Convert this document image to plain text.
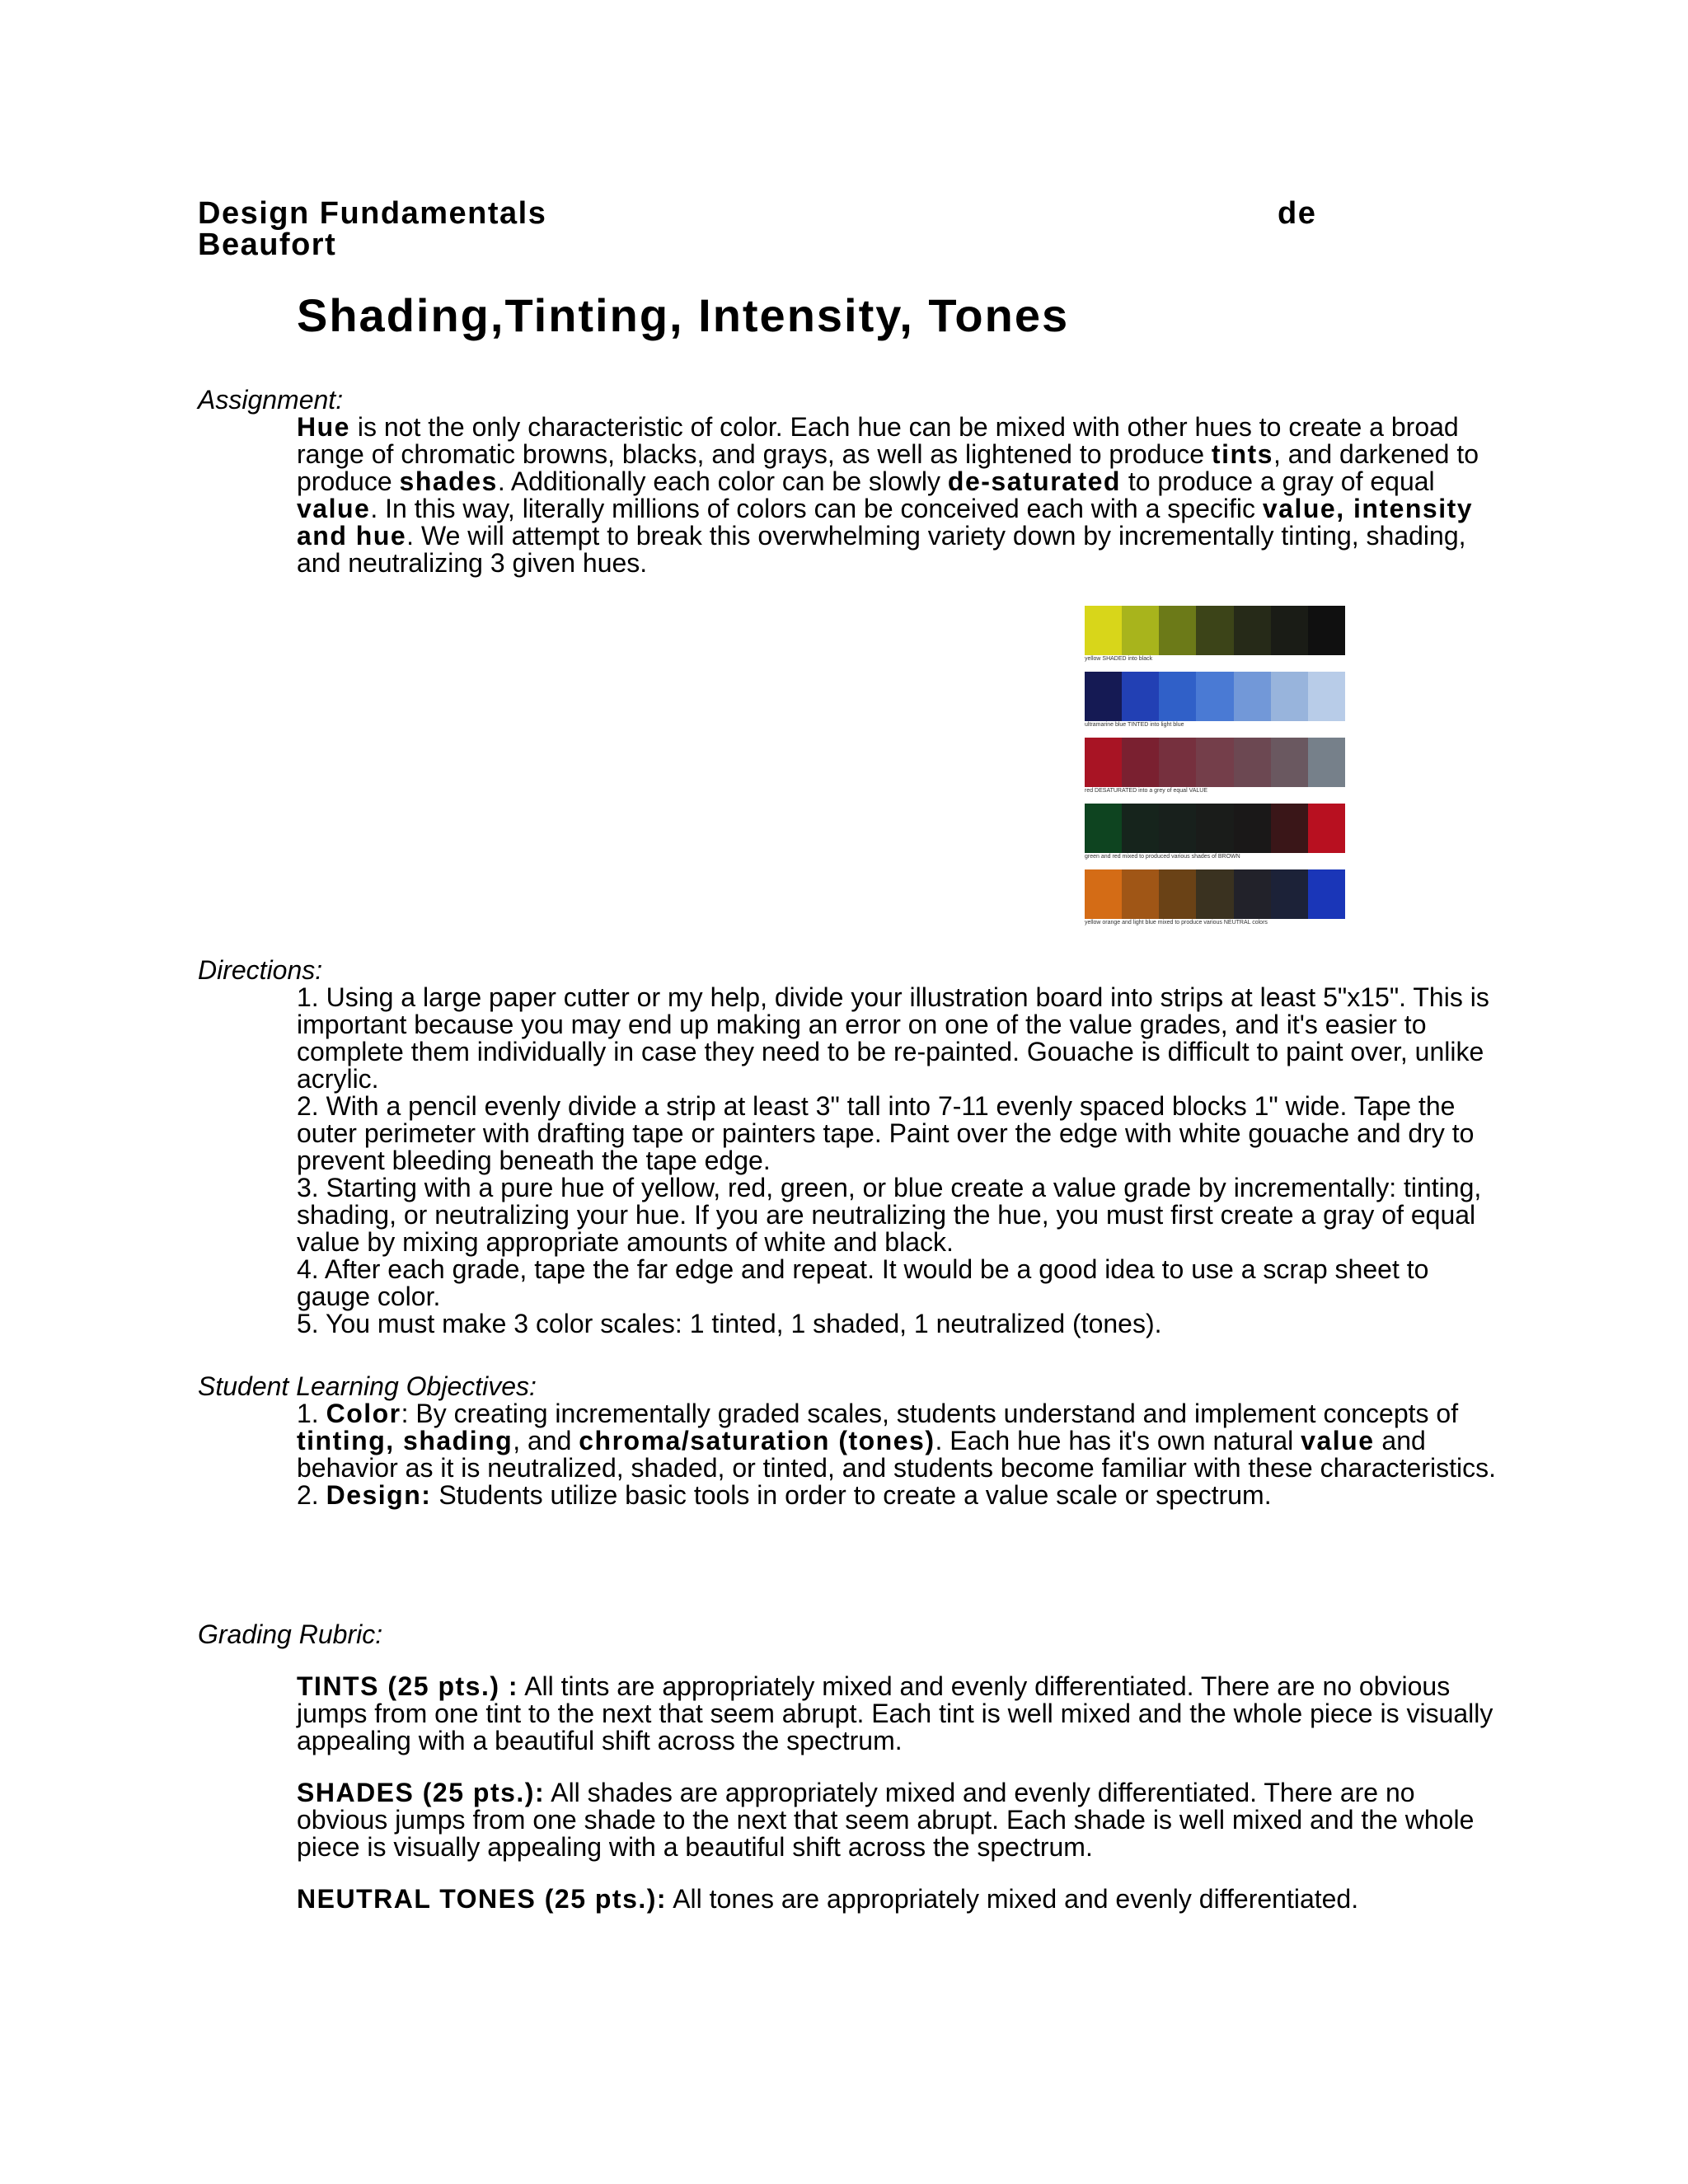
Design Fundamentals	de
Beaufort
Shading,Tinting, Intensity, Tones
Assignment:

Hue is not the only characteristic of color. Each hue can be mixed with other hues to create a broad range of chromatic browns, blacks, and grays, as well as lightened to produce tints, and darkened to produce shades. Additionally each color can be slowly de-saturated to produce a gray of equal value. In this way, literally millions of colors can be conceived each with a specific value, intensity and hue. We will attempt to break this overwhelming variety down by incrementally tinting, shading, and neutralizing 3 given hues.

yellow SHADED into black
ultramarine blue TINTED into light blue
red DESATURATED into a grey of equal VALUE
green and red mixed to produced various shades of BROWN
yellow orange and light blue mixed to produce various NEUTRAL colors
Directions:

1. Using a large paper cutter or my help, divide your illustration board into strips at least 5"x15". This is important because you may end up making an error on one of the value grades, and it's easier to complete them individually in case they need to be re-painted. Gouache is difficult to paint over, unlike acrylic.

2. With a pencil evenly divide a strip at least 3" tall into 7-11 evenly spaced blocks 1" wide. Tape the outer perimeter with drafting tape or painters tape. Paint over the edge with white gouache and dry to prevent bleeding beneath the tape edge.

3. Starting with a pure hue of yellow, red, green, or blue create a value grade by incrementally: tinting, shading, or neutralizing your hue. If you are neutralizing the hue, you must first create a gray of equal value by mixing appropriate amounts of white and black.

4. After each grade, tape the far edge and repeat. It would be a good idea to use a scrap sheet to gauge color.

5. You must make 3 color scales: 1 tinted, 1 shaded, 1 neutralized (tones).

Student Learning Objectives:

1. Color: By creating incrementally graded scales, students understand and implement concepts of tinting, shading, and chroma/saturation (tones). Each hue has it's own natural value and behavior as it is neutralized, shaded, or tinted, and students become familiar with these characteristics.

2. Design: Students utilize basic tools in order to create a value scale or spectrum.

Grading Rubric:

TINTS (25 pts.) : All tints are appropriately mixed and evenly differentiated. There are no obvious jumps from one tint to the next that seem abrupt. Each tint is well mixed and the whole piece is visually appealing with a beautiful shift across the spectrum.

SHADES (25 pts.): All shades are appropriately mixed and evenly differentiated. There are no obvious jumps from one shade to the next that seem abrupt. Each shade is well mixed and the whole piece is visually appealing with a beautiful shift across the spectrum.

NEUTRAL TONES (25 pts.): All tones are appropriately mixed and evenly differentiated.
